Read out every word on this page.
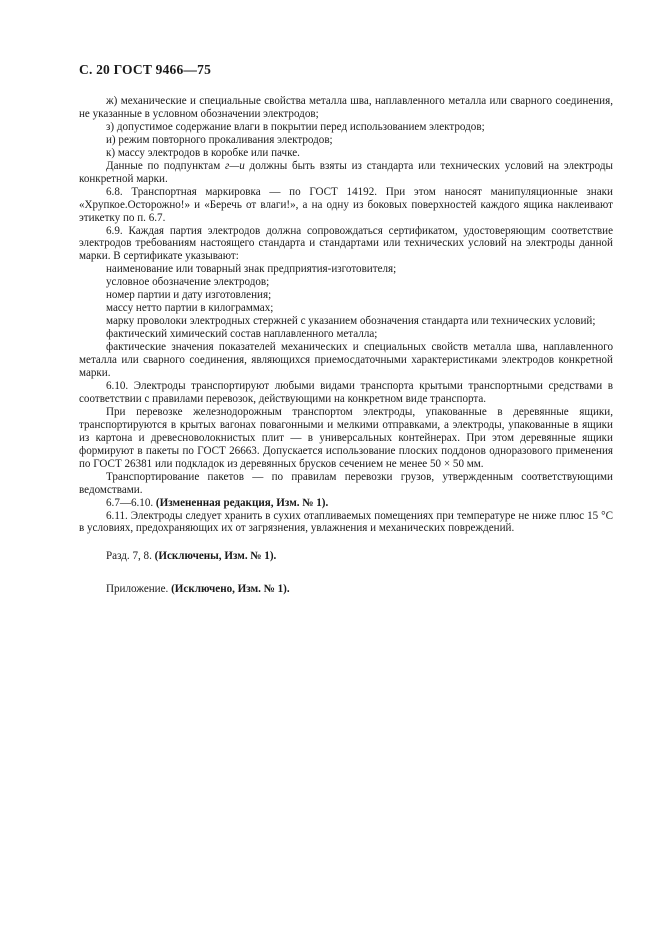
С. 20 ГОСТ 9466—75

ж) механические и специальные свойства металла шва, наплавленного металла или сварного соединения, не указанные в условном обозначении электродов;

з) допустимое содержание влаги в покрытии перед использованием электродов;

и) режим повторного прокаливания электродов;

к) массу электродов в коробке или пачке.

Данные по подпунктам г—и должны быть взяты из стандарта или технических условий на электроды конкретной марки.

6.8. Транспортная маркировка — по ГОСТ 14192. При этом наносят манипуляционные знаки «Хрупкое.Осторожно!» и «Беречь от влаги!», а на одну из боковых поверхностей каждого ящика наклеивают этикетку по п. 6.7.

6.9. Каждая партия электродов должна сопровождаться сертификатом, удостоверяющим соответствие электродов требованиям настоящего стандарта и стандартами или технических условий на электроды данной марки. В сертификате указывают:

наименование или товарный знак предприятия-изготовителя;

условное обозначение электродов;

номер партии и дату изготовления;

массу нетто партии в килограммах;

марку проволоки электродных стержней с указанием обозначения стандарта или технических условий;

фактический химический состав наплавленного металла;

фактические значения показателей механических и специальных свойств металла шва, наплавленного металла или сварного соединения, являющихся приемосдаточными характеристиками электродов конкретной марки.

6.10. Электроды транспортируют любыми видами транспорта крытыми транспортными средствами в соответствии с правилами перевозок, действующими на конкретном виде транспорта.

При перевозке железнодорожным транспортом электроды, упакованные в деревянные ящики, транспортируются в крытых вагонах повагонными и мелкими отправками, а электроды, упакованные в ящики из картона и древесноволокнистых плит — в универсальных контейнерах. При этом деревянные ящики формируют в пакеты по ГОСТ 26663. Допускается использование плоских поддонов одноразового применения по ГОСТ 26381 или подкладок из деревянных брусков сечением не менее 50 × 50 мм.

Транспортирование пакетов — по правилам перевозки грузов, утвержденным соответствующими ведомствами.

6.7—6.10. (Измененная редакция, Изм. № 1).

6.11. Электроды следует хранить в сухих отапливаемых помещениях при температуре не ниже плюс 15 °С в условиях, предохраняющих их от загрязнения, увлажнения и механических повреждений.

Разд. 7, 8. (Исключены, Изм. № 1).

Приложение. (Исключено, Изм. № 1).
